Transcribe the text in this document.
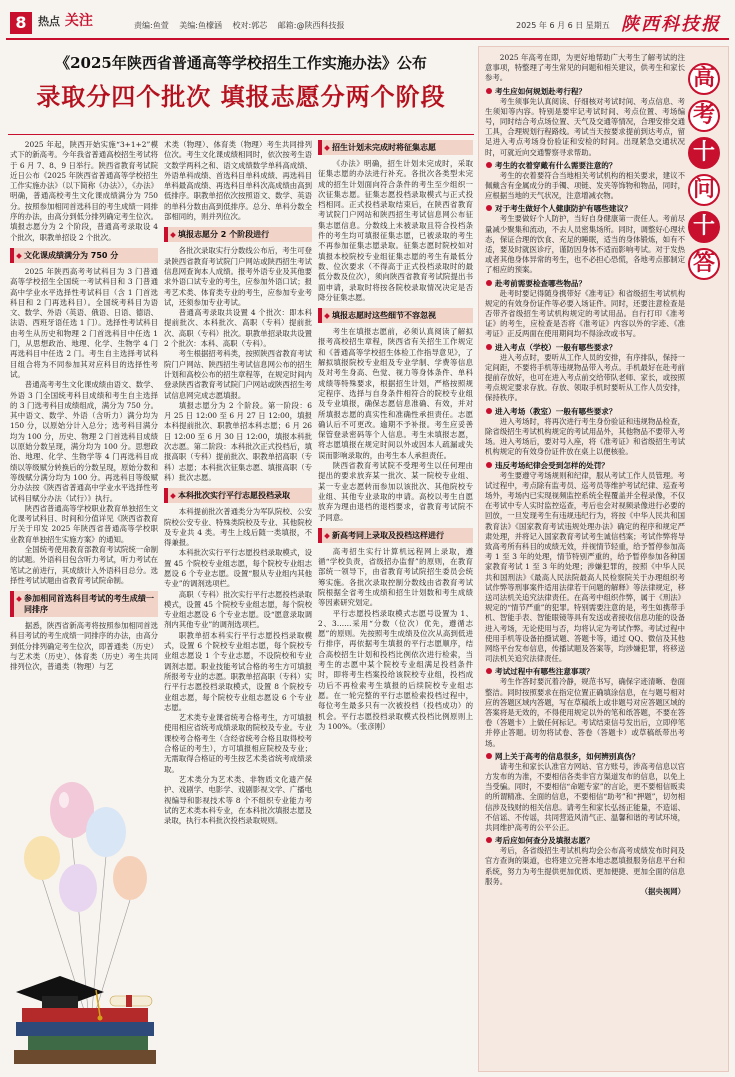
8	热点 关注	责编:鱼萱 美编:鱼檬涵 校对:郭芯 邮箱:@陕西科技报	2025 年 6 月 6 日 星期五 陕西科技报
《2025年陕西省普通高等学校招生工作实施办法》公布
录取分四个批次 填报志愿分两个阶段

2025 年起，陕西开始实施“3+1+2”模式下的新高考。今年我省普通高校招生考试将于 6 月 7、8、9 日举行。陕西省教育考试院近日公布《2025 年陕西省普通高等学校招生工作实施办法》（以下简称《办法》），《办法》明确，普通高校考生文化课成绩满分为 750 分。按照参加相同首选科目的考生成绩一同排序的办法，由高分到低分排列确定考生位次。填报志愿分为 2 个阶段，普通高考录取设 4 个批次，职教单招设 2 个批次。

文化课成绩满分为 750 分

2025 年陕西高考考试科目为 3 门普通高等学校招生全国统一考试科目和 3 门普通高中学业水平选择性考试科目（含 1 门首选科目和 2 门再选科目）。全国统考科目为语文、数学、外语（英语、俄语、日语、德语、法语、西班牙语任选 1 门）。选择性考试科目由考生从历史和物理 2 门首选科目中任选 1 门，从思想政治、地理、化学、生物学 4 门再选科目中任选 2 门。考生自主选择考试科目组合将为不同参加其对应科目的选择性考试。

普通高考考生文化课成绩由语文、数学、外语 3 门全国统考科目成绩和考生自主选择的 3 门选考科目成绩组成，满分为 750 分。其中语文、数学、外语（含听力）满分均为 150 分，以原始分计入总分；选考科目满分均为 100 分，历史、物理 2 门首选科目成绩以原始分数呈现，满分均为 100 分。思想政治、地理、化学、生物学等 4 门再选科目成绩以等级赋分转换后的分数呈现，原始分数和等级赋分满分均为 100 分。再选科目等级赋分办法按《陕西省普通高中学业水平选择性考试科目赋分办法（试行）》执行。

陕西省普通高等学校职业教育单独招生文化课考试科目、时间和分值详见《陕西省教育厅关于印发 2025 年陕西省普通高等学校职业教育单独招生实施方案》的通知。

全国统考使用教育部教育考试院统一命制的试题。外语科目包含听力考试，听力考试在笔试之前进行，其成绩计入外语科目总分。选择性考试试题由省教育考试院命制。

参加相同首选科目考试的考生成绩一同排序

据悉，陕西省新高考将按照参加相同首选科目考试的考生成绩一同排序的办法，由高分到低分排列确定考生位次，即普通类（历史）与艺术类（历史）、体育类（历史）考生共同排列位次，普通类（物理）与艺

术类（物理）、体育类（物理）考生共同排列位次。考生文化课成绩相同时，依次按考生语文数学两科之和、语文成绩数学单科高成绩、外语单科成绩、首选科目单科成绩、再选科目单科最高成绩、再选科目单科次高成绩由高到低排序。职教单招依次按照语文、数学、英语的单科分数由高到低排序。总分、单科分数全部相同的，则并列位次。

填报志愿分 2 个阶段进行

各批次录取实行分数线公布后，考生可登录陕西省教育考试院门户网站或陕西招生考试信息网查询本人成绩。报考外语专业及其他要求外语口试专业的考生，应参加外语口试；报考艺术类、体育类专业的考生，应参加专业考试，还须参加专业考试。

普通高考录取共设置 4 个批次：即本科提前批次、本科批次、高职（专科）提前批次、高职（专科）批次。职教单招录取共设置 2 个批次：本科、高职（专科）。

考生根据招考科类，按照陕西省教育考试院门户网站、陕西招生考试信息网公布的招生计划和高校公布的招生章程等，在规定时间内登录陕西省教育考试院门户网站或陕西招生考试信息网完成志愿填报。

填报志愿分为 2 个阶段。第一阶段：6 月 25 日 12:00 至 6 月 27 日 12:00，填报本科提前批次、职教单招本科志愿；6 月 26 日 12:00 至 6 月 30 日 12:00，填报本科批次志愿。第二阶段：本科批次正式投档后，填报高职（专科）提前批次、职教单招高职（专科）志愿；本科批次征集志愿、填报高职（专科）批次志愿。

本科批次实行平行志愿投档录取

本科提前批次普通类分为军队院校、公安院校公安专业、特殊类院校及专业、其他院校及专业共 4 类。考生上线后随一类填报，不得兼报。

本科批次实行平行志愿投档录取模式，设置 45 个院校专业组志愿，每个院校专业组志愿设 6 个专业志愿。设置“服从专业组内其他专业”的调剂选项栏。

高职（专科）批次实行平行志愿投档录取模式，设置 45 个院校专业组志愿，每个院校专业组志愿设 6 个专业志愿。设“愿意录取调剂内其他专业”的调剂选项栏。

职教单招本科实行平行志愿投档录取模式，设置 6 个院校专业组志愿，每个院校专业组志愿设 1 个专业志愿，不设院校和专业调剂志愿。职业技能考试合格的考生方可填报所报考专业的志愿。职教单招高职（专科）实行平行志愿投档录取模式，设置 8 个院校专业组志愿，每个院校专业组志愿设 6 个专业志愿。

艺术类专业课省统考合格考生，方可填报使用相应省统考成绩录取的院校及专业。专业课校考合格考生（含经省统考合格且取得校考合格证的考生），方可填报相应院校及专业；无需取得合格证的考生按艺术类省统考成绩录取。

艺术类分为艺术类、非物质文化遗产保护、戏剧学、电影学、戏剧影视文学、广播电视编导和影视技术等 8 个不组织专业能力考试的艺术类本科专业，在本科批次填报志愿及录取，执行本科批次投档录取规则。

招生计划未完成时将征集志愿

《办法》明确，招生计划未完成时，采取征集志愿的办法进行补充。各批次各类型未完成的招生计划面向符合条件的考生至少组织一次征集志愿。征集志愿投档录取模式与正式投档相同。正式投档录取结束后，在陕西省教育考试院门户网站和陕西招生考试信息网公布征集志愿信息。分数线上未被录取且符合投档条件的考生均可填报征集志愿，已被录取的考生不再参加征集志愿录取。征集志愿时院校如对填报本校院校专业组征集志愿的考生有最低分数、位次要求（不得高于正式投档录取时的最低分数及位次），须向陕西省教育考试院提出书面申请，录取时将按各院校录取情况决定是否降分征集志愿。

填报志愿时这些细节不容忽视

考生在填报志愿前，必须认真阅读了解拟报考高校招生章程，陕西省有关招生工作规定和《普通高等学校招生体检工作指导意见》，了解拟填报院校专业组及专业学制、学费等信息及对考生身高、色觉、视力等身体条件、单科成绩等特殊要求，根据招生计划，严格按照规定程序、选择与自身条件相符合的院校专业组及专业填报，确保志愿信息准确、有效，并对所填报志愿的真实性和准确性承担责任。志愿确认后不可更改。逾期不予补报。考生应妥善保管登录密码等个人信息。考生未填报志愿，将志愿填报在规定时间以外或因本人疏漏或失误而影响录取的，由考生本人承担责任。

陕西省教育考试院不受理考生以任何理由提出的要求放弃某一批次、某一院校专业组、某一专业志愿转而参加以该批次、其他院校专业组、其他专业录取的申请。高校以考生自愿放弃为理由退档的退档要求，省教育考试院不予同意。

新高考同上录取及投档这样进行

高考招生实行计算机远程网上录取，遵循“学校负责，省级招办监督”的原则，在教育部统一领导下，由省教育考试院招生委员会统筹实施。各批次录取控制分数线由省教育考试院根据全省考生成绩和招生计划数和考生成绩等因素研究划定。

平行志愿投档录取模式志愿号设置为 1、2、3……采用“分数（位次）优先，遵循志愿”的原则。先按照考生成绩及位次从高到低进行排序，再依据考生填报的平行志愿顺序，结合高校招生计划和投档比例依次进行检索，当考生的志愿中某个院校专业组满足投档条件时，即将考生档案投给该院校专业组，投档成功后不再检索考生填报的后续院校专业组志愿。在一轮完整的平行志愿检索投档过程中，每位考生最多只有一次被投档（投档成功）的机会。平行志愿投档录取模式投档比例原则上为 100%。（张彦刚）

高
考
十
问
十
答

2025 年高考在即，为更好地帮助广大考生了解考试的注意事项，特整理了考生常见的问题和相关建议，供考生和家长参考。

考生应如何规划赴考行程？

考生须事先认真阅读、仔细核对考试时间、考点信息、考生须知等内容。特别是要牢记考试时间、考点位置、考场编号，同时结合考点场位置、天气及交通等情况，合理安排交通工具，合理规划行程路线。考试当天按要求提前到达考点，留足进入考点考场身份验证和安检的时间。出现紧急交通状况时，可就近向交通警察寻求帮助。

考生的衣着穿戴有什么需要注意的？

考生的衣着要符合当地相关考试机构的相关要求，建议不佩戴含有金属成分的手镯、项链、发夹等饰物和物品，同时，应根据当地的天气状况，注意增减衣物。

对于考生做好个人健康防护有哪些建议？

考生要做好个人防护，当好自身健康第一责任人。考前尽量减少聚集和流动，不去人员密集场所。同时，调整好心理状态，保证合理的饮食、充足的睡眠，适当的身体锻炼，如有不适，要及时就医诊疗，谨防因身体不适而影响考试。对于发热或者其他身体异常的考生，也不必担心恐慌，各地考点都制定了相应的预案。

赴考前需要检查哪些物品？

赴考时要记得随身携带好《准考证》和省级招生考试机构规定的有效身份证件等必要入场证件。同时，还要注意检查是否带齐省级招生考试机构规定的考试用品。自行打印《准考证》的考生，应检查是否将《准考证》内容以外的字迹、《准考证》正反两面在使用期间均不得涂改或书写。

进入考点（学校）一般有哪些要求？

进入考点时，要听从工作人员的安排，有序排队，保持一定间距，不要将手机等违规物品带入考点。手机最好在赴考前提前存放好，也可在进入考点前交给带队老师、家长，或按照考点规定要求存放。存放、领取手机时要听从工作人员安排，保持秩序。

进入考场（教室）一般有哪些要求？

进入考场时，将再次进行考生身份验证和违规物品检查，除省级招生考试机构规定的考试用品外，其他物品不要带入考场。进入考场后，要对号入座，将《准考证》和省级招生考试机构规定的有效身份证件放在桌上以便核验。

违反考场纪律会受到怎样的处罚？

考生要遵守考场规则和纪律，服从考试工作人员管理。考试过程中，考点除有监考员、巡考员等维护考试纪律、巡查考场外，考场内已实现视频监控系统全程覆盖并全程录像，不仅在考试中专人实时监控巡查，考后也会对视频录像进行必要的回放，一旦发现考生有违规违纪行为，将按《中华人民共和国教育法》《国家教育考试违规处理办法》确定的程序和规定严肃处理，并将记入国家教育考试考生诚信档案；考试作弊将导致高考所有科目的成绩无效，并视情节轻重，给予暂停参加高考 1 至 3 年的处理，情节特别严重的，给予暂停参加各种国家教育考试 1 至 3 年的处理；涉嫌犯罪的，按照《中华人民共和国刑法》《最高人民法院最高人民检察院关于办理组织考试作弊等刑事案件适用法律若干问题的解释》等法律规定，移送司法机关追究法律责任。在高考中组织作弊，属于《刑法》规定的“情节严重”的犯罪。特别需要注意的是，考生如携带手机、智能手表、智能眼镜等具有发送或者接收信息功能的设备进入考场，无论使用与否，均将认定为考试作弊。考试过程中使用手机等设备拍摄试题、答题卡等，通过 QQ、微信及其他网络平台发布信息，传播试题及答案等，均涉嫌犯罪，将移送司法机关追究法律责任。

考试过程中有哪些注意事项？

考生作答时要沉着冷静，规范书写，确保字迹清晰、卷面整洁。同时按照要求在指定位置正确填涂信息，在与题号相对应的答题区域内答题，写在草稿纸上或非题号对应答题区域的答案将是无效的，不得使用规定以外的笔和纸答题，不要在答卷（答题卡）上做任何标记。考试结束信号发出后，立即停笔并停止答题。切勿将试卷、答卷（答题卡）或草稿纸带出考场。

网上关于高考的信息很多，如何辨别真伪？

请考生和家长认准官方网站、官方账号，涉高考信息以官方发布的为准，不要相信各类非官方渠道发布的信息，以免上当受骗。同时，不要相信“命题专家”的言论，更不要相信贩卖的所谓精准、全面的信息，不要相信“助考”和“押题”，切勿相信涉及钱财的相关信息。请考生和家长弘扬正能量，不造谣、不信谣、不传谣，共同营造风清气正、温馨和谐的考试环境，共同维护高考的公平公正。

考后应如何查分及填报志愿？

考后，各省级招生考试机构均会公布高考成绩发布时间及官方查询的渠道，也将建立完善本地志愿填报服务信息平台和系统，努力为考生提供更加优质、更加便捷、更加全面的信息服务。

（据央视网）
